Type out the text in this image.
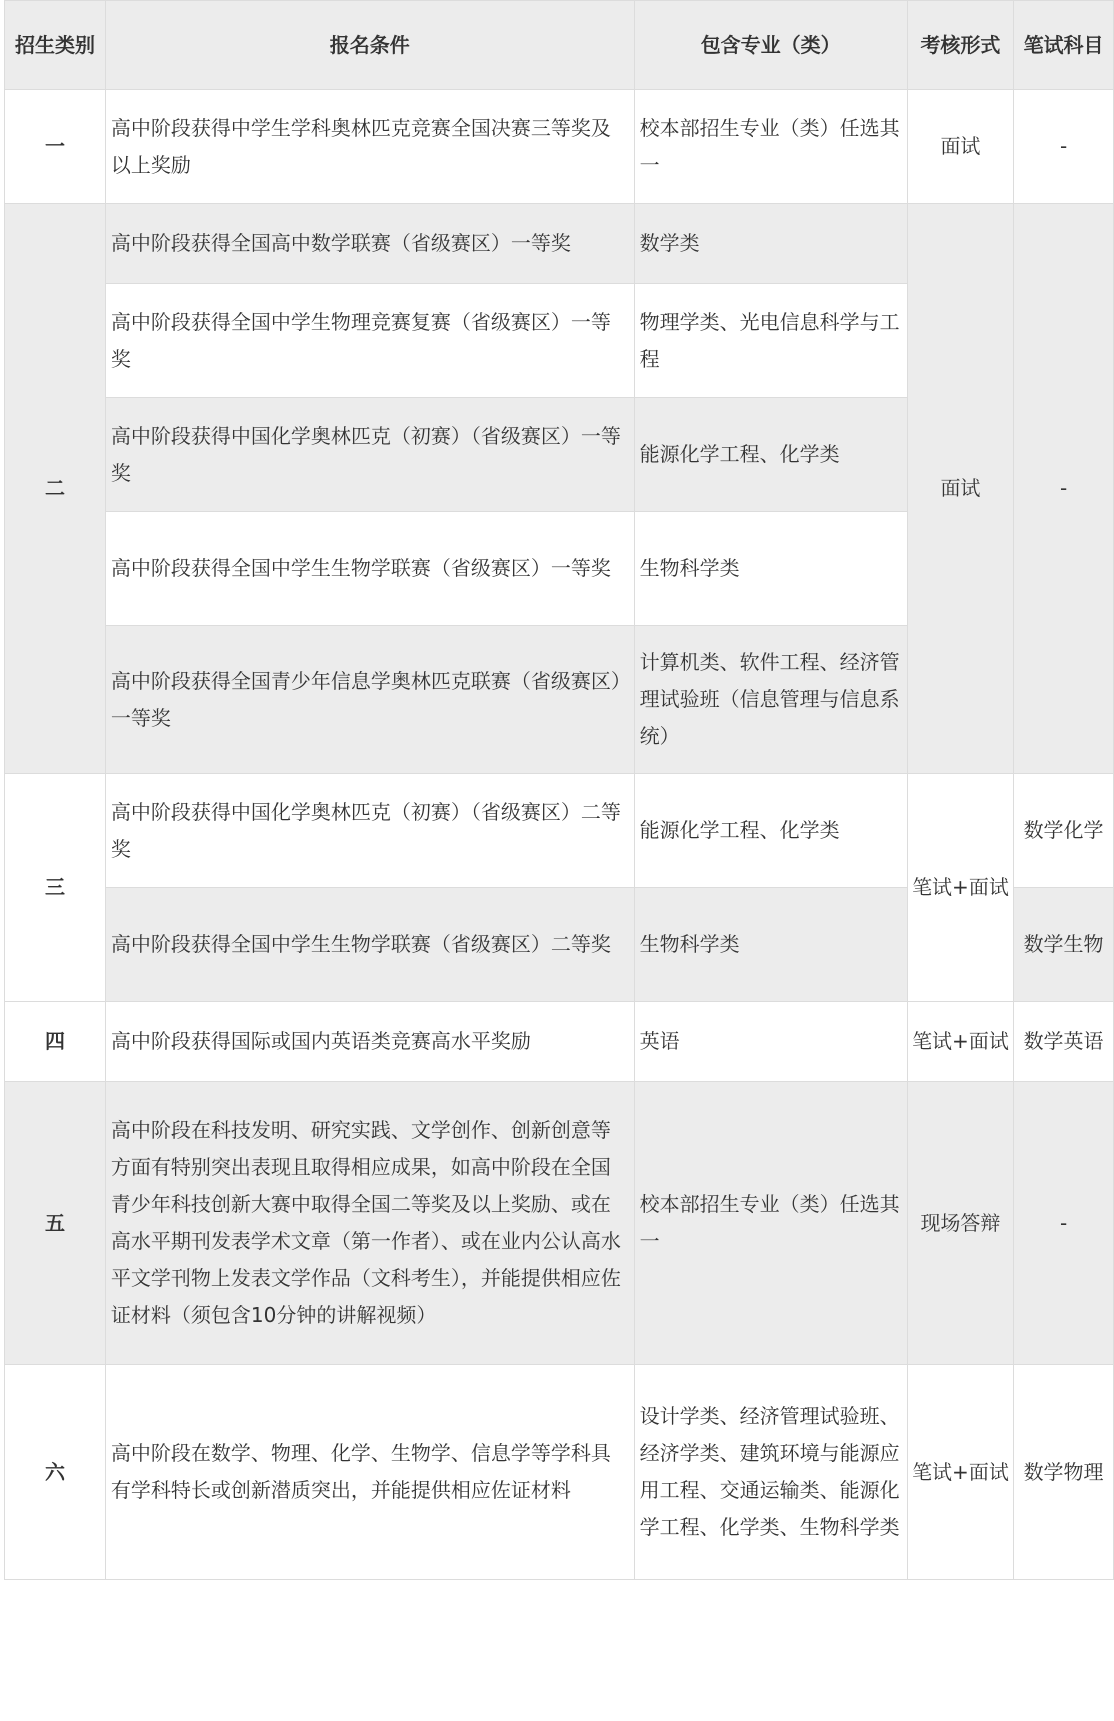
招生类别	报名条件	包含专业（类）	考核形式	笔试科目
一	高中阶段获得中学生学科奥林匹克竞赛全国决赛三等奖及以上奖励	校本部招生专业（类）任选其一	面试	-
二	高中阶段获得全国高中数学联赛（省级赛区）一等奖	数学类	面试	-
	高中阶段获得全国中学生物理竞赛复赛（省级赛区）一等奖	物理学类、光电信息科学与工程		
	高中阶段获得中国化学奥林匹克（初赛）（省级赛区）一等奖	能源化学工程、化学类		
	高中阶段获得全国中学生生物学联赛（省级赛区）一等奖	生物科学类		
	高中阶段获得全国青少年信息学奥林匹克联赛（省级赛区）一等奖	计算机类、软件工程、经济管理试验班（信息管理与信息系统）		
三	高中阶段获得中国化学奥林匹克（初赛）（省级赛区）二等奖	能源化学工程、化学类	笔试+面试	数学化学
	高中阶段获得全国中学生生物学联赛（省级赛区）二等奖	生物科学类		数学生物
四	高中阶段获得国际或国内英语类竞赛高水平奖励	英语	笔试+面试	数学英语
五	高中阶段在科技发明、研究实践、文学创作、创新创意等方面有特别突出表现且取得相应成果，如高中阶段在全国青少年科技创新大赛中取得全国二等奖及以上奖励、或在高水平期刊发表学术文章（第一作者）、或在业内公认高水平文学刊物上发表文学作品（文科考生），并能提供相应佐证材料（须包含10分钟的讲解视频）	校本部招生专业（类）任选其一	现场答辩	-
六	高中阶段在数学、物理、化学、生物学、信息学等学科具有学科特长或创新潜质突出，并能提供相应佐证材料	设计学类、经济管理试验班、经济学类、建筑环境与能源应用工程、交通运输类、能源化学工程、化学类、生物科学类	笔试+面试	数学物理
